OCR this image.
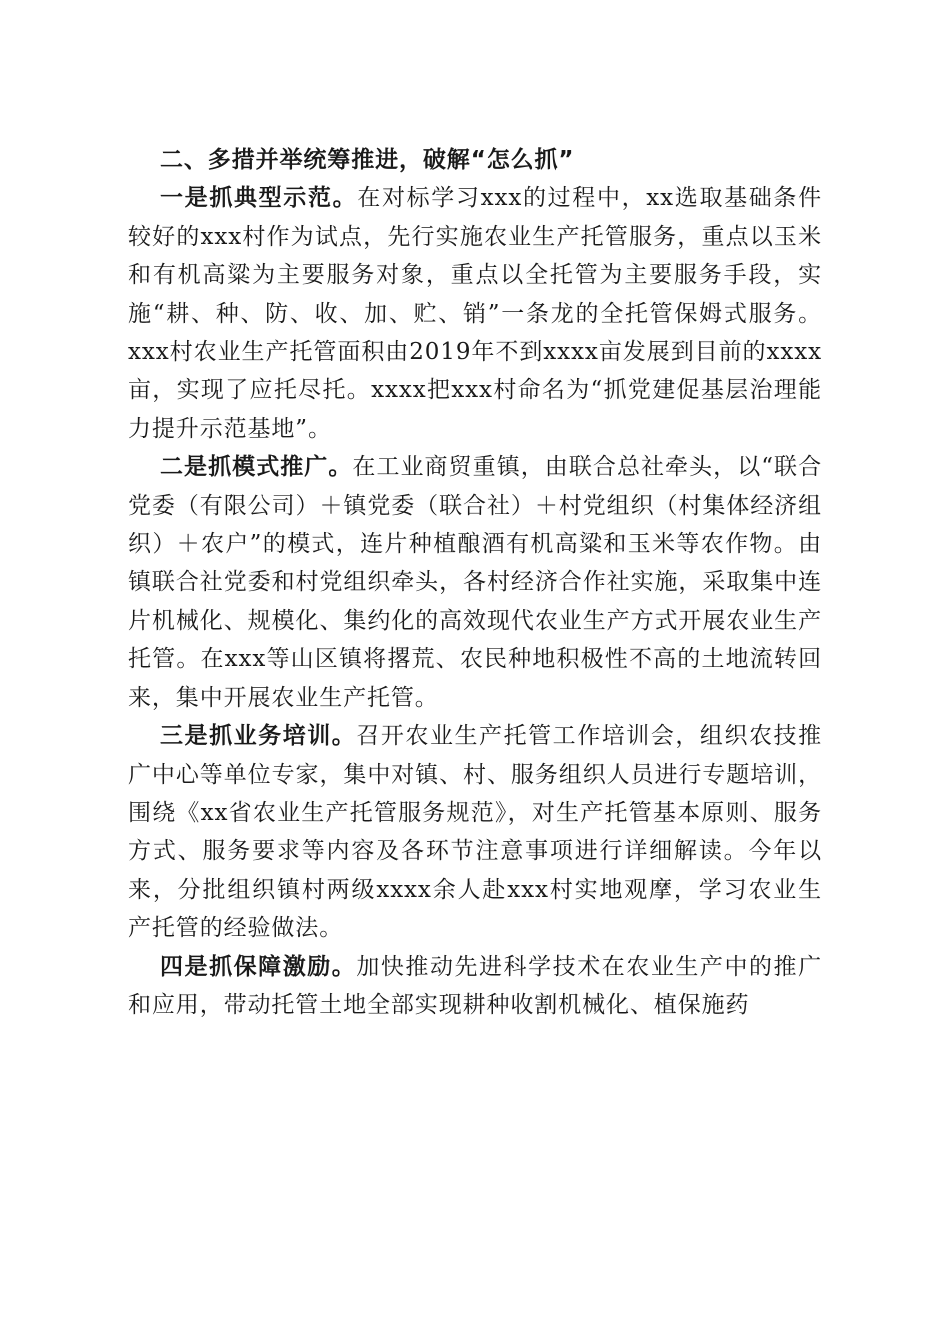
二、多措并举统筹推进，破解“怎么抓”

一是抓典型示范。在对标学习xxx的过程中，xx选取基础条件较好的xxx村作为试点，先行实施农业生产托管服务，重点以玉米和有机高粱为主要服务对象，重点以全托管为主要服务手段，实施“耕、种、防、收、加、贮、销”一条龙的全托管保姆式服务。xxx村农业生产托管面积由2019年不到xxxx亩发展到目前的xxxx亩，实现了应托尽托。xxxx把xxx村命名为“抓党建促基层治理能力提升示范基地”。

二是抓模式推广。在工业商贸重镇，由联合总社牵头，以“联合党委（有限公司）＋镇党委（联合社）＋村党组织（村集体经济组织）＋农户”的模式，连片种植酿酒有机高粱和玉米等农作物。由镇联合社党委和村党组织牵头，各村经济合作社实施，采取集中连片机械化、规模化、集约化的高效现代农业生产方式开展农业生产托管。在xxx等山区镇将撂荒、农民种地积极性不高的土地流转回来，集中开展农业生产托管。

三是抓业务培训。召开农业生产托管工作培训会，组织农技推广中心等单位专家，集中对镇、村、服务组织人员进行专题培训，围绕《xx省农业生产托管服务规范》，对生产托管基本原则、服务方式、服务要求等内容及各环节注意事项进行详细解读。今年以来，分批组织镇村两级xxxx余人赴xxx村实地观摩，学习农业生产托管的经验做法。

四是抓保障激励。加快推动先进科学技术在农业生产中的推广和应用，带动托管土地全部实现耕种收割机械化、植保施药
